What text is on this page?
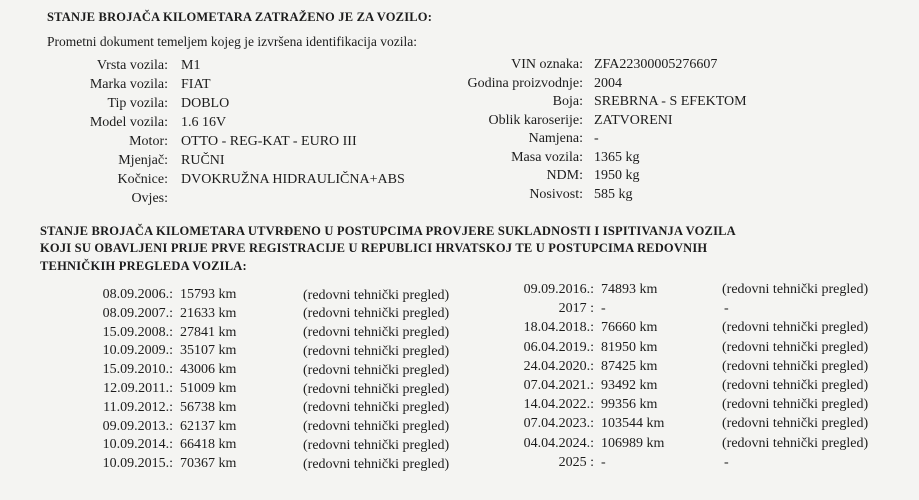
STANJE BROJAČA KILOMETARA ZATRAŽENO JE ZA VOZILO:
Prometni dokument temeljem kojeg je izvršena identifikacija vozila:
Vrsta vozila: M1
Marka vozila: FIAT
Tip vozila: DOBLO
Model vozila: 1.6 16V
Motor: OTTO - REG-KAT - EURO III
Mjenjač: RUČNI
Kočnice: DVOKRUŽNA HIDRAULIČNA+ABS
Ovjes:
VIN oznaka: ZFA22300005276607
Godina proizvodnje: 2004
Boja: SREBRNA - S EFEKTOM
Oblik karoserije: ZATVORENI
Namjena: -
Masa vozila: 1365 kg
NDM: 1950 kg
Nosivost: 585 kg
STANJE BROJAČA KILOMETARA UTVRĐENO U POSTUPCIMA PROVJERE SUKLADNOSTI I ISPITIVANJA VOZILA
KOJI SU OBAVLJENI PRIJE PRVE REGISTRACIJE U REPUBLICI HRVATSKOJ TE U POSTUPCIMA REDOVNIH
TEHNIČKIH PREGLEDA VOZILA:
08.09.2006.: 15793 km	(redovni tehnički pregled)
08.09.2007.: 21633 km	(redovni tehnički pregled)
15.09.2008.: 27841 km	(redovni tehnički pregled)
10.09.2009.: 35107 km	(redovni tehnički pregled)
15.09.2010.: 43006 km	(redovni tehnički pregled)
12.09.2011.: 51009 km	(redovni tehnički pregled)
11.09.2012.: 56738 km	(redovni tehnički pregled)
09.09.2013.: 62137 km	(redovni tehnički pregled)
10.09.2014.: 66418 km	(redovni tehnički pregled)
10.09.2015.: 70367 km	(redovni tehnički pregled)
09.09.2016.: 74893 km	(redovni tehnički pregled)
2017 : -	-
18.04.2018.: 76660 km	(redovni tehnički pregled)
06.04.2019.: 81950 km	(redovni tehnički pregled)
24.04.2020.: 87425 km	(redovni tehnički pregled)
07.04.2021.: 93492 km	(redovni tehnički pregled)
14.04.2022.: 99356 km	(redovni tehnički pregled)
07.04.2023.: 103544 km	(redovni tehnički pregled)
04.04.2024.: 106989 km	(redovni tehnički pregled)
2025 : -	-
